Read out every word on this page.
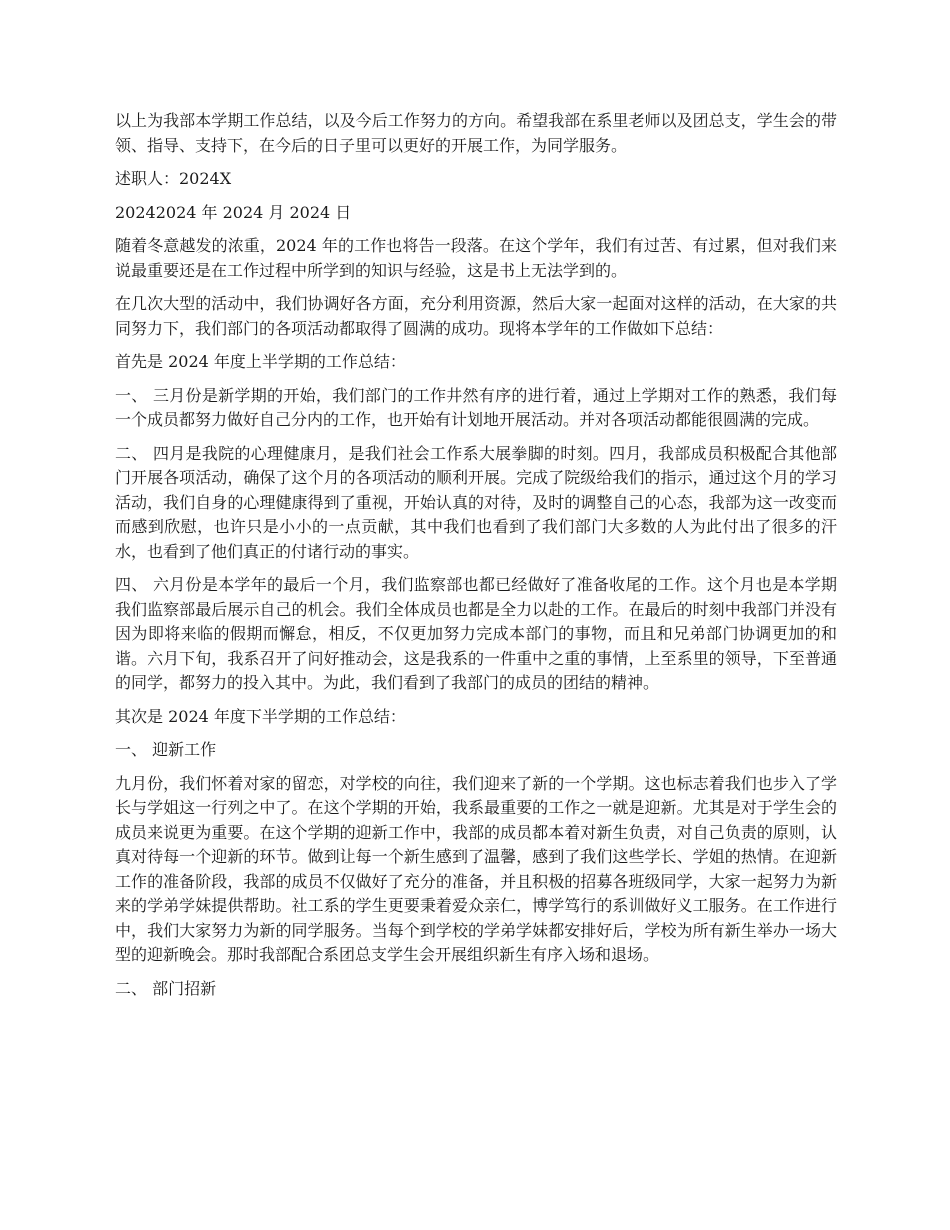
以上为我部本学期工作总结，以及今后工作努力的方向。希望我部在系里老师以及团总支，学生会的带领、指导、支持下，在今后的日子里可以更好的开展工作，为同学服务。

述职人：2024X

20242024 年 2024 月 2024 日

随着冬意越发的浓重，2024 年的工作也将告一段落。在这个学年，我们有过苦、有过累，但对我们来说最重要还是在工作过程中所学到的知识与经验，这是书上无法学到的。

在几次大型的活动中，我们协调好各方面，充分利用资源，然后大家一起面对这样的活动，在大家的共同努力下，我们部门的各项活动都取得了圆满的成功。现将本学年的工作做如下总结：

首先是 2024 年度上半学期的工作总结：

一、 三月份是新学期的开始，我们部门的工作井然有序的进行着，通过上学期对工作的熟悉，我们每一个成员都努力做好自己分内的工作，也开始有计划地开展活动。并对各项活动都能很圆满的完成。

二、 四月是我院的心理健康月，是我们社会工作系大展拳脚的时刻。四月，我部成员积极配合其他部门开展各项活动，确保了这个月的各项活动的顺利开展。完成了院级给我们的指示，通过这个月的学习活动，我们自身的心理健康得到了重视，开始认真的对待，及时的调整自己的心态，我部为这一改变而而感到欣慰，也许只是小小的一点贡献，其中我们也看到了我们部门大多数的人为此付出了很多的汗水，也看到了他们真正的付诸行动的事实。

四、 六月份是本学年的最后一个月，我们监察部也都已经做好了准备收尾的工作。这个月也是本学期我们监察部最后展示自己的机会。我们全体成员也都是全力以赴的工作。在最后的时刻中我部门并没有因为即将来临的假期而懈怠，相反，不仅更加努力完成本部门的事物，而且和兄弟部门协调更加的和谐。六月下旬，我系召开了问好推动会，这是我系的一件重中之重的事情，上至系里的领导，下至普通的同学，都努力的投入其中。为此，我们看到了我部门的成员的团结的精神。

其次是 2024 年度下半学期的工作总结：

一、 迎新工作

九月份，我们怀着对家的留恋，对学校的向往，我们迎来了新的一个学期。这也标志着我们也步入了学长与学姐这一行列之中了。在这个学期的开始，我系最重要的工作之一就是迎新。尤其是对于学生会的成员来说更为重要。在这个学期的迎新工作中，我部的成员都本着对新生负责，对自己负责的原则，认真对待每一个迎新的环节。做到让每一个新生感到了温馨，感到了我们这些学长、学姐的热情。在迎新工作的准备阶段，我部的成员不仅做好了充分的准备，并且积极的招募各班级同学，大家一起努力为新来的学弟学妹提供帮助。社工系的学生更要秉着爱众亲仁，博学笃行的系训做好义工服务。在工作进行中，我们大家努力为新的同学服务。当每个到学校的学弟学妹都安排好后，学校为所有新生举办一场大型的迎新晚会。那时我部配合系团总支学生会开展组织新生有序入场和退场。

二、 部门招新
